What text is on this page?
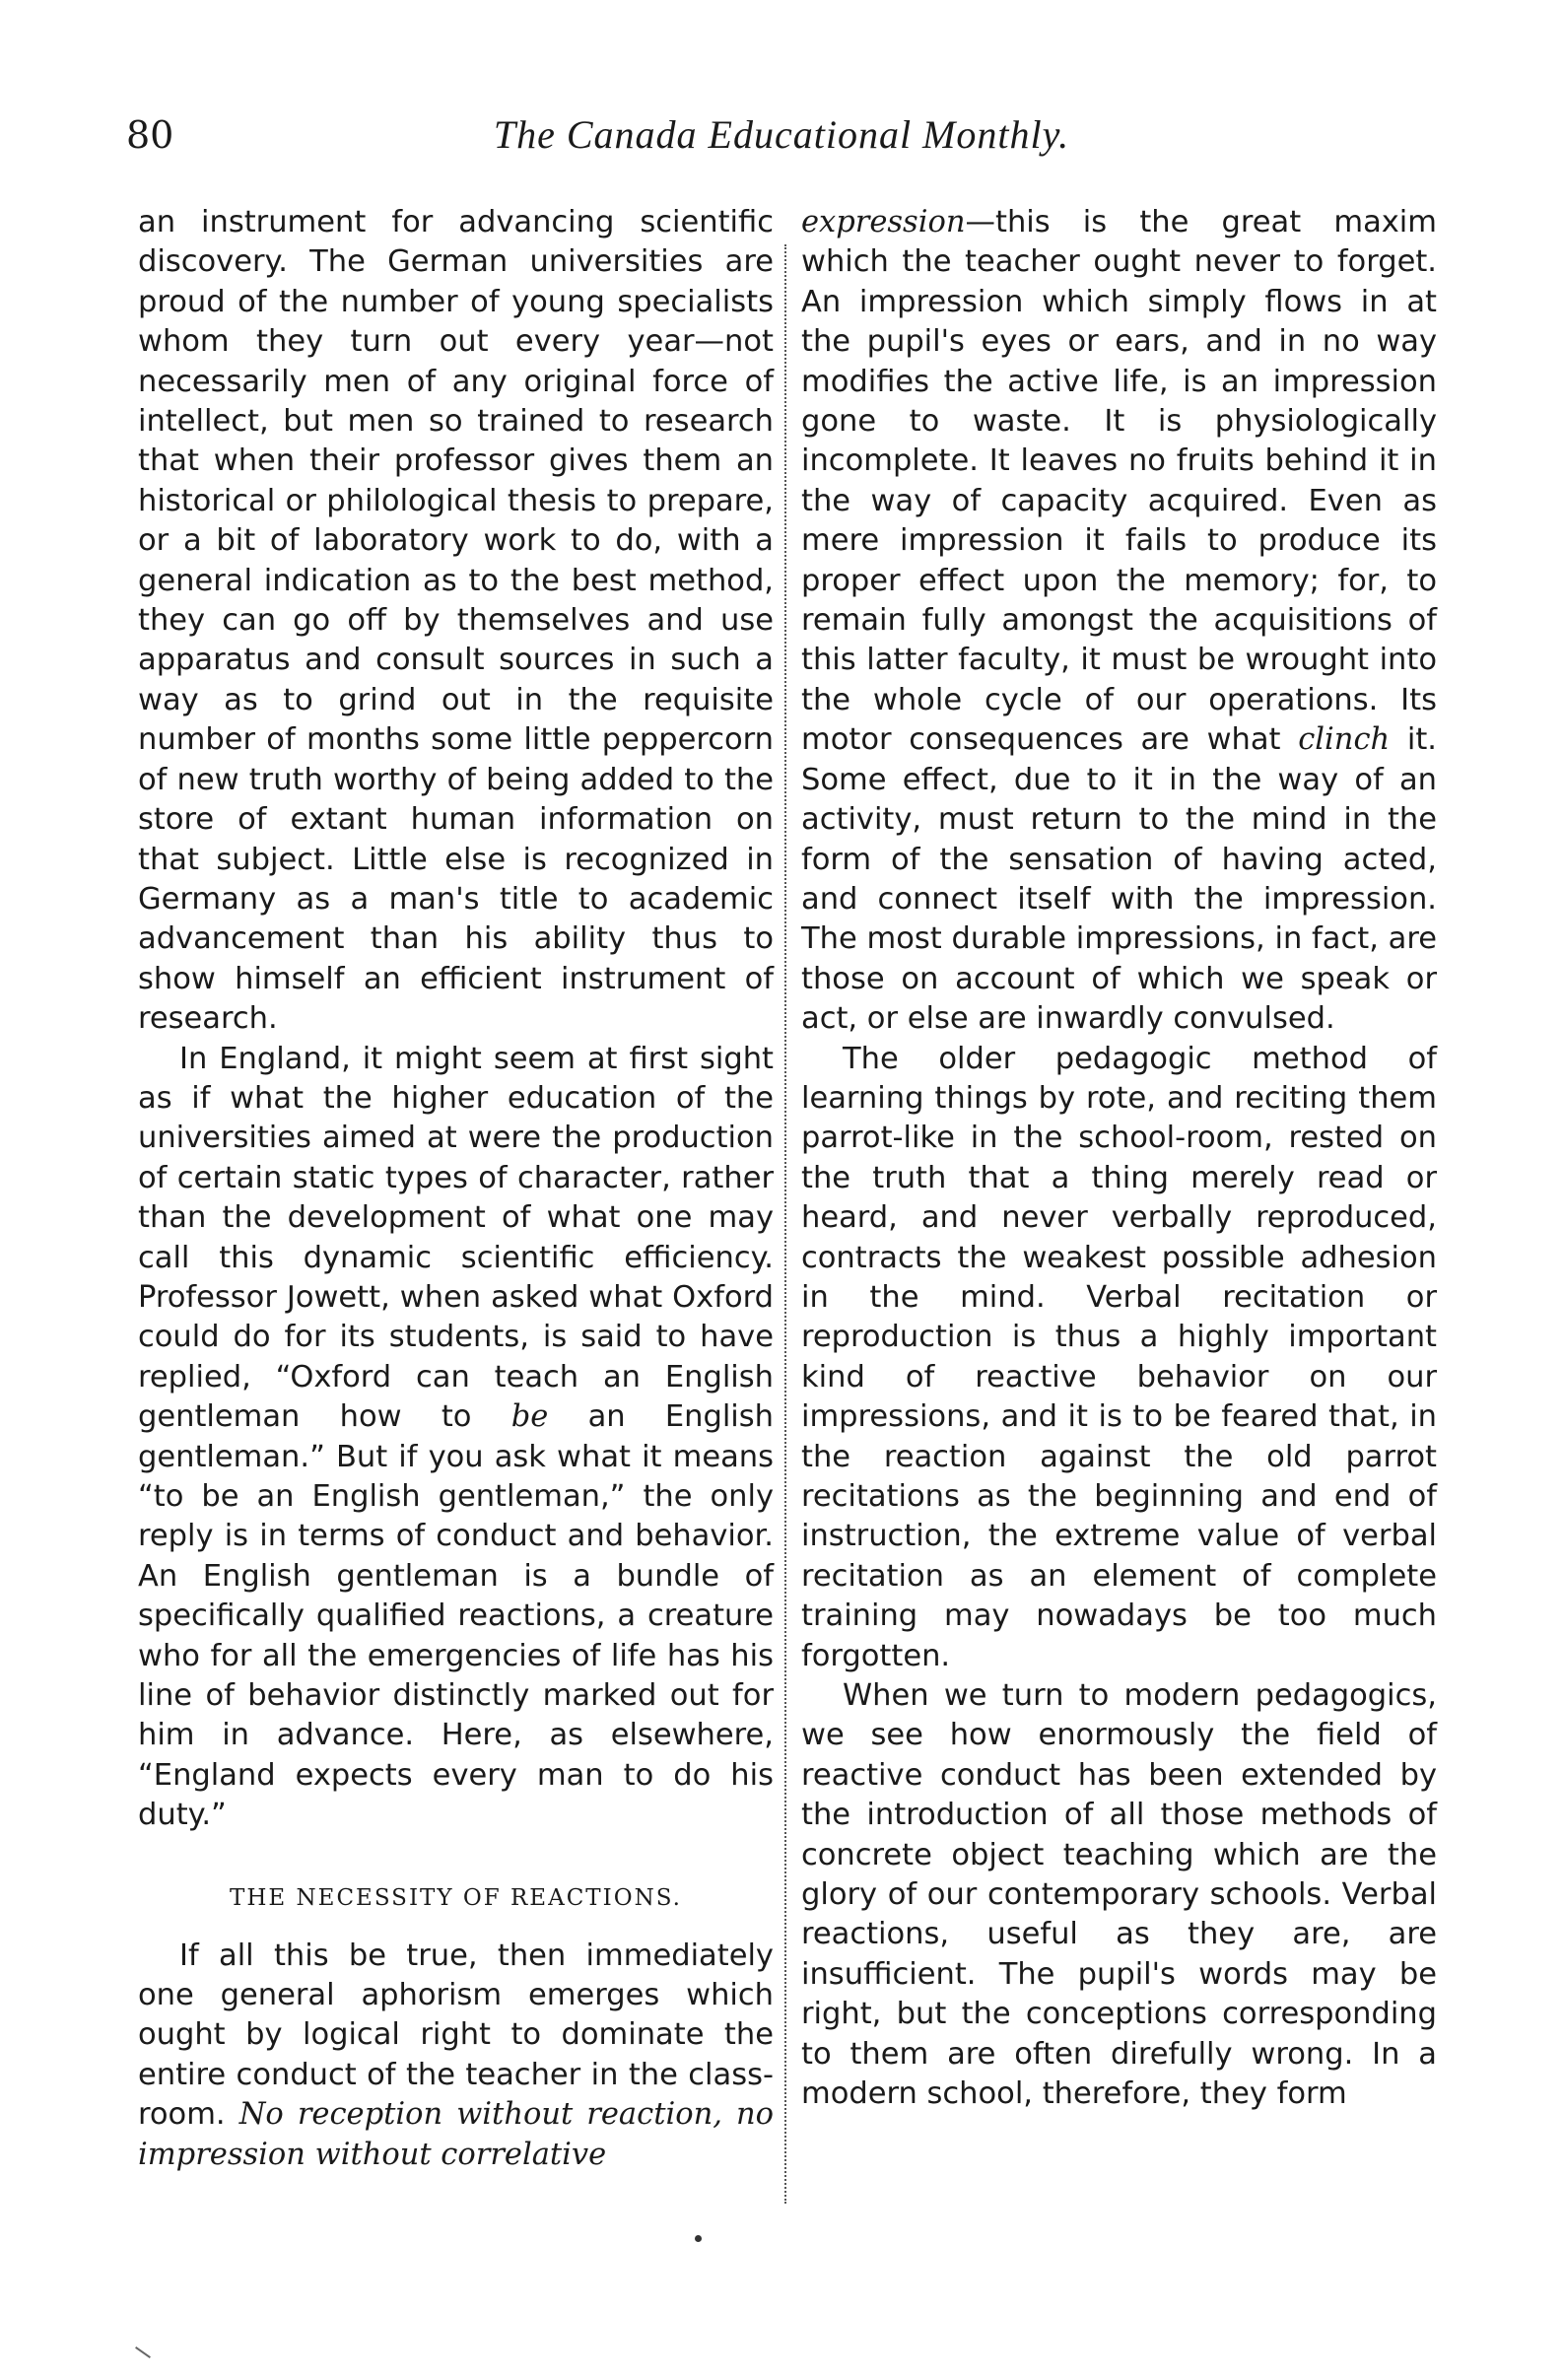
80	The Canada Educational Monthly.

an instrument for advancing scientific discovery. The German universities are proud of the number of young specialists whom they turn out every year—not necessarily men of any original force of intellect, but men so trained to research that when their professor gives them an historical or philological thesis to prepare, or a bit of laboratory work to do, with a general indication as to the best method, they can go off by themselves and use apparatus and consult sources in such a way as to grind out in the requisite number of months some little peppercorn of new truth worthy of being added to the store of extant human information on that subject. Little else is recognized in Germany as a man's title to academic advancement than his ability thus to show himself an efficient instrument of research.

In England, it might seem at first sight as if what the higher education of the universities aimed at were the production of certain static types of character, rather than the development of what one may call this dynamic scientific efficiency. Professor Jowett, when asked what Oxford could do for its students, is said to have replied, “Oxford can teach an English gentleman how to be an English gentleman.” But if you ask what it means “to be an English gentleman,” the only reply is in terms of conduct and behavior. An English gentleman is a bundle of specifically qualified reactions, a creature who for all the emergencies of life has his line of behavior distinctly marked out for him in advance. Here, as elsewhere, “England expects every man to do his duty.”

THE NECESSITY OF REACTIONS.

If all this be true, then immediately one general aphorism emerges which ought by logical right to dominate the entire conduct of the teacher in the class-room. No reception without reaction, no impression without correlative

expression—this is the great maxim which the teacher ought never to forget. An impression which simply flows in at the pupil's eyes or ears, and in no way modifies the active life, is an impression gone to waste. It is physiologically incomplete. It leaves no fruits behind it in the way of capacity acquired. Even as mere impression it fails to produce its proper effect upon the memory; for, to remain fully amongst the acquisitions of this latter faculty, it must be wrought into the whole cycle of our operations. Its motor consequences are what clinch it. Some effect, due to it in the way of an activity, must return to the mind in the form of the sensation of having acted, and connect itself with the impression. The most durable impressions, in fact, are those on account of which we speak or act, or else are inwardly convulsed.

The older pedagogic method of learning things by rote, and reciting them parrot-like in the school-room, rested on the truth that a thing merely read or heard, and never verbally reproduced, contracts the weakest possible adhesion in the mind. Verbal recitation or reproduction is thus a highly important kind of reactive behavior on our impressions, and it is to be feared that, in the reaction against the old parrot recitations as the beginning and end of instruction, the extreme value of verbal recitation as an element of complete training may nowadays be too much forgotten.

When we turn to modern pedagogics, we see how enormously the field of reactive conduct has been extended by the introduction of all those methods of concrete object teaching which are the glory of our contemporary schools. Verbal reactions, useful as they are, are insufficient. The pupil's words may be right, but the conceptions corresponding to them are often direfully wrong. In a modern school, therefore, they form
